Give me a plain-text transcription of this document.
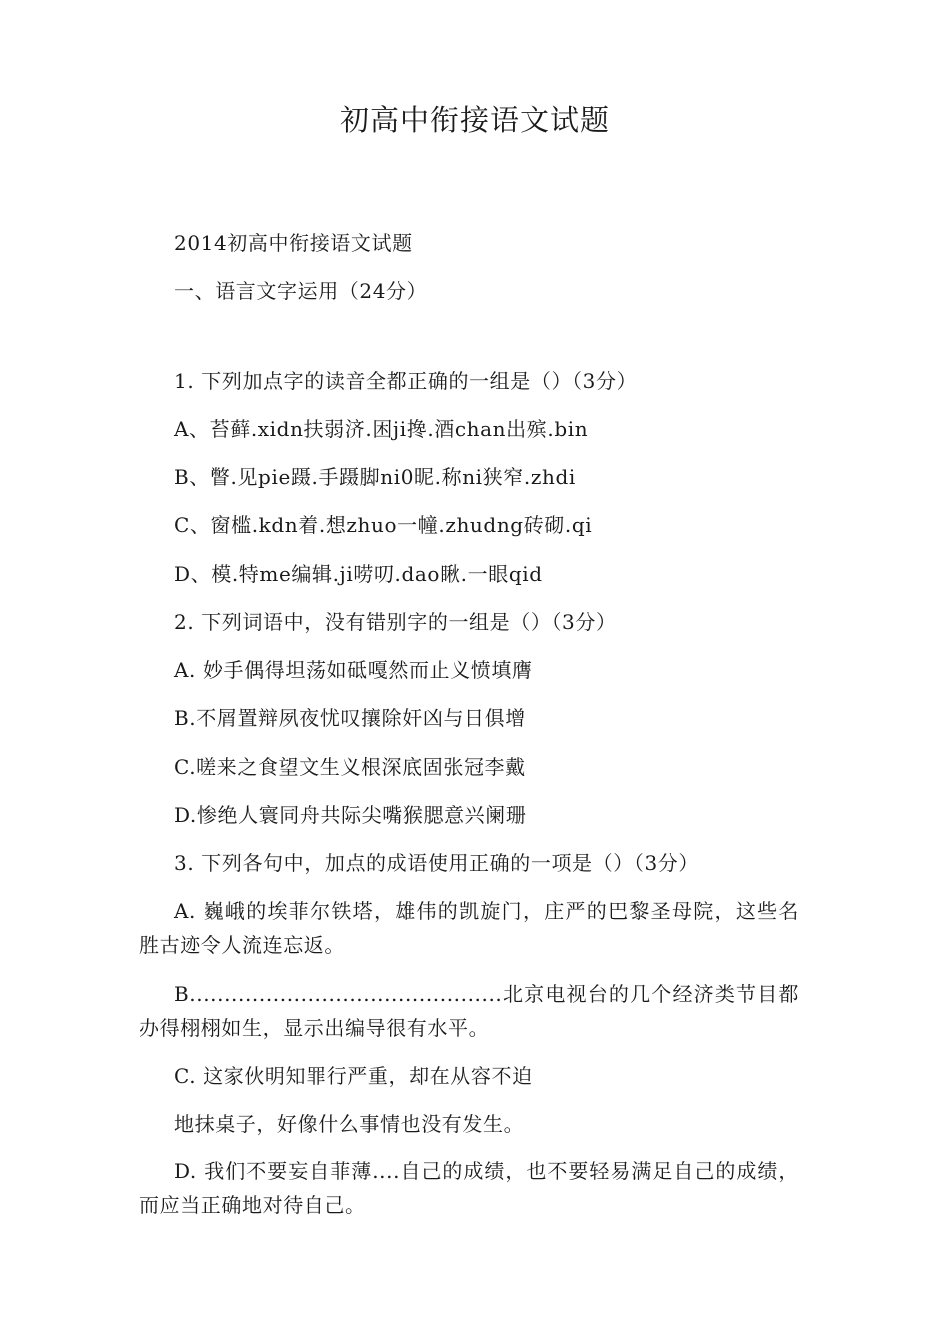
初高中衔接语文试题
2014初高中衔接语文试题
一、语言文字运用（24分）
1. 下列加点字的读音全都正确的一组是（）（3分）
A、苔藓.xidn扶弱济.困ji搀.酒chan出殡.bin
B、瞥.见pie蹑.手蹑脚ni0昵.称ni狭窄.zhdi
C、窗槛.kdn着.想zhuo一幢.zhudng砖砌.qi
D、模.特me编辑.ji唠叨.dao瞅.一眼qid
2. 下列词语中，没有错别字的一组是（）（3分）
A. 妙手偶得坦荡如砥嘎然而止义愤填膺
B.不屑置辩夙夜忧叹攘除奸凶与日俱增
C.嗟来之食望文生义根深底固张冠李戴
D.惨绝人寰同舟共际尖嘴猴腮意兴阑珊
3. 下列各句中，加点的成语使用正确的一项是（）（3分）
A. 巍峨的埃菲尔铁塔，雄伟的凯旋门，庄严的巴黎圣母院，这些名胜古迹令人流连忘返。
B.............................................北京电视台的几个经济类节目都办得栩栩如生，显示出编导很有水平。
C. 这家伙明知罪行严重，却在从容不迫
地抹桌子，好像什么事情也没有发生。
D. 我们不要妄自菲薄....自己的成绩，也不要轻易满足自己的成绩，而应当正确地对待自己。
